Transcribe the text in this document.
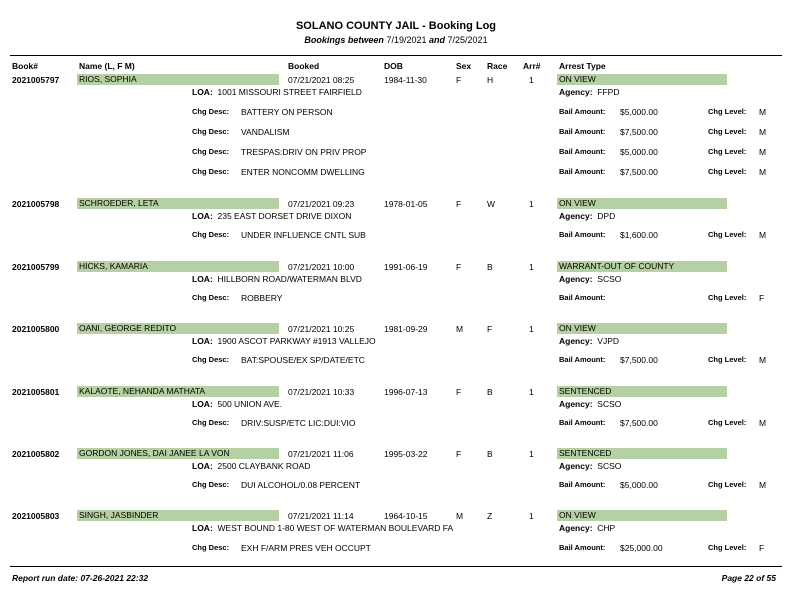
SOLANO COUNTY JAIL - Booking Log
Bookings between 7/19/2021 and 7/25/2021
Book#	Name (L, F M)	Booked	DOB	Sex Race Arr# Arrest Type
2021005797 RIOS, SOPHIA	07/21/2021 08:25	1984-11-30	F	H	1	ON VIEW
LOA: 1001 MISSOURI STREET FAIRFIELD	Agency: FFPD
Chg Desc: BATTERY ON PERSON	Bail Amount: $5,000.00	Chg Level: M
Chg Desc: VANDALISM	Bail Amount: $7,500.00	Chg Level: M
Chg Desc: TRESPAS:DRIV ON PRIV PROP	Bail Amount: $5,000.00	Chg Level: M
Chg Desc: ENTER NONCOMM DWELLING	Bail Amount: $7,500.00	Chg Level: M
2021005798 SCHROEDER, LETA	07/21/2021 09:23	1978-01-05	F	W	1	ON VIEW
LOA: 235 EAST DORSET DRIVE DIXON	Agency: DPD
Chg Desc: UNDER INFLUENCE CNTL SUB	Bail Amount: $1,600.00	Chg Level: M
2021005799 HICKS, KAMARIA	07/21/2021 10:00	1991-06-19	F	B	1	WARRANT-OUT OF COUNTY
LOA: HILLBORN ROAD/WATERMAN BLVD	Agency: SCSO
Chg Desc: ROBBERY	Bail Amount:	Chg Level: F
2021005800 OANI, GEORGE REDITO	07/21/2021 10:25	1981-09-29	M	F	1	ON VIEW
LOA: 1900 ASCOT PARKWAY #1913 VALLEJO	Agency: VJPD
Chg Desc: BAT:SPOUSE/EX SP/DATE/ETC	Bail Amount: $7,500.00	Chg Level: M
2021005801 KALAOTE, NEHANDA MATHATA	07/21/2021 10:33	1996-07-13	F	B	1	SENTENCED
LOA: 500 UNION AVE.	Agency: SCSO
Chg Desc: DRIV:SUSP/ETC LIC:DUI:VIO	Bail Amount: $7,500.00	Chg Level: M
2021005802 GORDON JONES, DAI JANEE LA VON	07/21/2021 11:06	1995-03-22	F	B	1	SENTENCED
LOA: 2500 CLAYBANK ROAD	Agency: SCSO
Chg Desc: DUI ALCOHOL/0.08 PERCENT	Bail Amount: $5,000.00	Chg Level: M
2021005803 SINGH, JASBINDER	07/21/2021 11:14	1964-10-15	M	Z	1	ON VIEW
LOA: WEST BOUND 1-80 WEST OF WATERMAN BOULEVARD FA	Agency: CHP
Chg Desc: EXH F/ARM PRES VEH OCCUPT	Bail Amount: $25,000.00	Chg Level: F
Report run date: 07-26-2021 22:32	Page 22 of 55
